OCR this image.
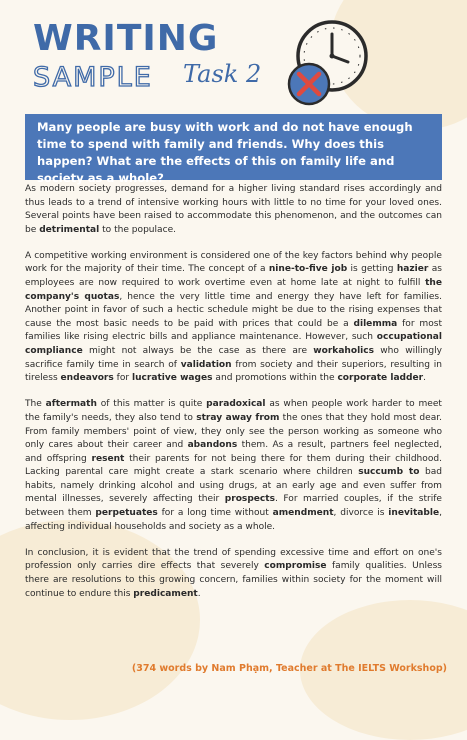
WRITING
SAMPLE Task 2
Many people are busy with work and do not have enough time to spend with family and friends. Why does this happen? What are the effects of this on family life and society as a whole?

As modern society progresses, demand for a higher living standard rises accordingly and thus leads to a trend of intensive working hours with little to no time for your loved ones. Several points have been raised to accommodate this phenomenon, and the outcomes can be detrimental to the populace.

A competitive working environment is considered one of the key factors behind why people work for the majority of their time. The concept of a nine-to-five job is getting hazier as employees are now required to work overtime even at home late at night to fulfill the company's quotas, hence the very little time and energy they have left for families. Another point in favor of such a hectic schedule might be due to the rising expenses that cause the most basic needs to be paid with prices that could be a dilemma for most families like rising electric bills and appliance maintenance. However, such occupational compliance might not always be the case as there are workaholics who willingly sacrifice family time in search of validation from society and their superiors, resulting in tireless endeavors for lucrative wages and promotions within the corporate ladder.

The aftermath of this matter is quite paradoxical as when people work harder to meet the family's needs, they also tend to stray away from the ones that they hold most dear. From family members' point of view, they only see the person working as someone who only cares about their career and abandons them. As a result, partners feel neglected, and offspring resent their parents for not being there for them during their childhood. Lacking parental care might create a stark scenario where children succumb to bad habits, namely drinking alcohol and using drugs, at an early age and even suffer from mental illnesses, severely affecting their prospects. For married couples, if the strife between them perpetuates for a long time without amendment, divorce is inevitable, affecting individual households and society as a whole.

In conclusion, it is evident that the trend of spending excessive time and effort on one's profession only carries dire effects that severely compromise family qualities. Unless there are resolutions to this growing concern, families within society for the moment will continue to endure this predicament.

(374 words by Nam Phạm, Teacher at The IELTS Workshop)
